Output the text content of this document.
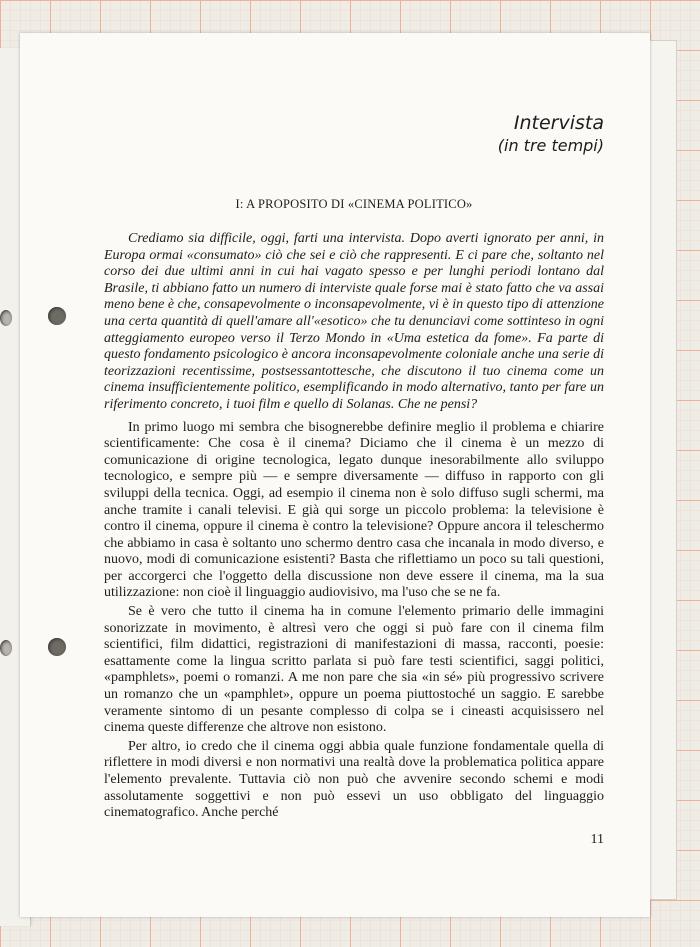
Intervista
(in tre tempi)
I: A PROPOSITO DI «CINEMA POLITICO»

Crediamo sia difficile, oggi, farti una intervista. Dopo averti ignorato per anni, in Europa ormai «consumato» ciò che sei e ciò che rappresenti. E ci pare che, soltanto nel corso dei due ultimi anni in cui hai vagato spesso e per lunghi periodi lontano dal Brasile, ti abbiano fatto un numero di interviste quale forse mai è stato fatto che va assai meno bene è che, consapevolmente o inconsapevolmente, vi è in questo tipo di attenzione una certa quantità di quell'amare all'«esotico» che tu denunciavi come sottinteso in ogni atteggiamento europeo verso il Terzo Mondo in «Uma estetica da fome». Fa parte di questo fondamento psicologico è ancora inconsapevolmente coloniale anche una serie di teorizzazioni recentissime, postsessantottesche, che discutono il tuo cinema come un cinema insufficientemente politico, esemplificando in modo alternativo, tanto per fare un riferimento concreto, i tuoi film e quello di Solanas. Che ne pensi?

In primo luogo mi sembra che bisognerebbe definire meglio il problema e chiarire scientificamente: Che cosa è il cinema? Diciamo che il cinema è un mezzo di comunicazione di origine tecnologica, legato dunque inesorabilmente allo sviluppo tecnologico, e sempre più — e sempre diversamente — diffuso in rapporto con gli sviluppi della tecnica. Oggi, ad esempio il cinema non è solo diffuso sugli schermi, ma anche tramite i canali televisi. E già qui sorge un piccolo problema: la televisione è contro il cinema, oppure il cinema è contro la televisione? Oppure ancora il teleschermo che abbiamo in casa è soltanto uno schermo dentro casa che incanala in modo diverso, e nuovo, modi di comunicazione esistenti? Basta che riflettiamo un poco su tali questioni, per accorgerci che l'oggetto della discussione non deve essere il cinema, ma la sua utilizzazione: non cioè il linguaggio audiovisivo, ma l'uso che se ne fa.

Se è vero che tutto il cinema ha in comune l'elemento primario delle immagini sonorizzate in movimento, è altresì vero che oggi si può fare con il cinema film scientifici, film didattici, registrazioni di manifestazioni di massa, racconti, poesie: esattamente come la lingua scritto parlata si può fare testi scientifici, saggi politici, «pamphlets», poemi o romanzi. A me non pare che sia «in sé» più progressivo scrivere un romanzo che un «pamphlet», oppure un poema piuttostoché un saggio. E sarebbe veramente sintomo di un pesante complesso di colpa se i cineasti acquisissero nel cinema queste differenze che altrove non esistono.

Per altro, io credo che il cinema oggi abbia quale funzione fondamentale quella di riflettere in modi diversi e non normativi una realtà dove la problematica politica appare l'elemento prevalente. Tuttavia ciò non può che avvenire secondo schemi e modi assolutamente soggettivi e non può essevi un uso obbligato del linguaggio cinematografico. Anche perché

11
